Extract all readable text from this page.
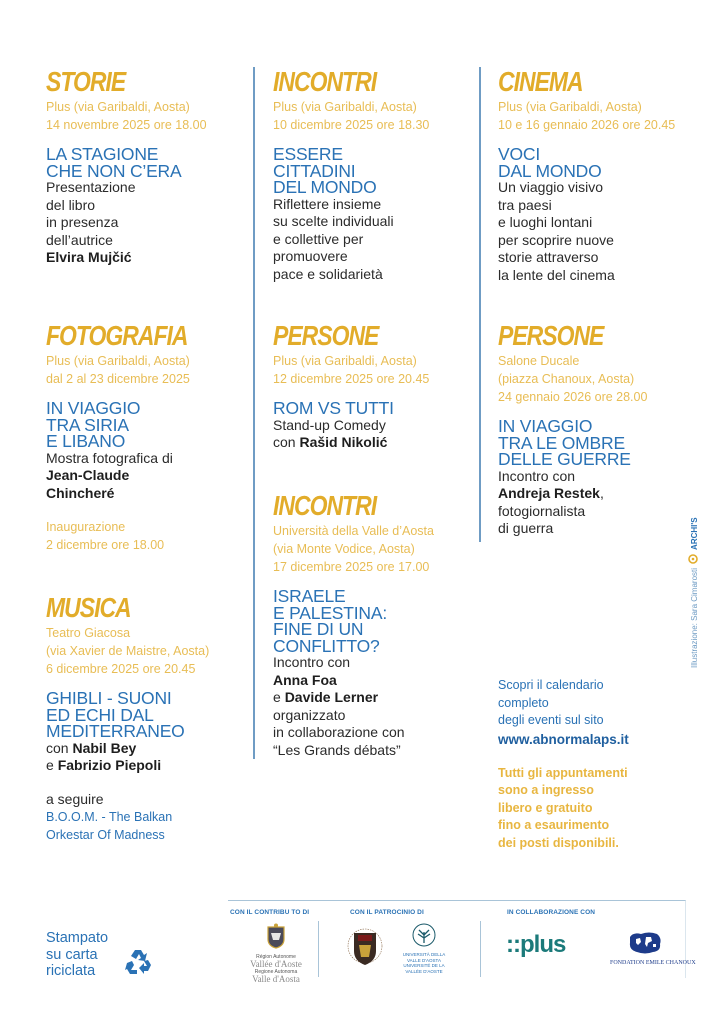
STORIE
Plus (via Garibaldi, Aosta)
14 novembre 2025 ore 18.00
LA STAGIONE
CHE NON C’ERA
Presentazione
del libro
in presenza
dell’autrice
Elvira Mujčić
INCONTRI
Plus (via Garibaldi, Aosta)
10 dicembre 2025 ore 18.30
ESSERE
CITTADINI
DEL MONDO
Riflettere insieme
su scelte individuali
e collettive per
promuovere
pace e solidarietà
CINEMA
Plus (via Garibaldi, Aosta)
10 e 16 gennaio 2026 ore 20.45
VOCI
DAL MONDO
Un viaggio visivo
tra paesi
e luoghi lontani
per scoprire nuove
storie attraverso
la lente del cinema
FOTOGRAFIA
Plus (via Garibaldi, Aosta)
dal 2 al 23 dicembre 2025
IN VIAGGIO
TRA SIRIA
E LIBANO
Mostra fotografica di
Jean-Claude
Chincheré
Inaugurazione
2 dicembre ore 18.00
PERSONE
Plus (via Garibaldi, Aosta)
12 dicembre 2025 ore 20.45
ROM VS TUTTI
Stand-up Comedy
con Rašid Nikolić
PERSONE
Salone Ducale
(piazza Chanoux, Aosta)
24 gennaio 2026 ore 28.00
IN VIAGGIO
TRA LE OMBRE
DELLE GUERRE
Incontro con
Andreja Restek,
fotogiornalista
di guerra
INCONTRI
Università della Valle d’Aosta
(via Monte Vodice, Aosta)
17 dicembre 2025 ore 17.00
ISRAELE
E PALESTINA:
FINE DI UN
CONFLITTO?
Incontro con
Anna Foa
e Davide Lerner
organizzato
in collaborazione con
“Les Grands débats”
MUSICA
Teatro Giacosa
(via Xavier de Maistre, Aosta)
6 dicembre 2025 ore 20.45
GHIBLI - SUONI
ED ECHI DAL
MEDITERRANEO
con Nabil Bey
e Fabrizio Piepoli
a seguire
B.O.O.M. - The Balkan
Orkestar Of Madness
Scopri il calendario
completo
degli eventi sul sito
www.abnormalaps.it
Tutti gli appuntamenti
sono a ingresso
libero e gratuito
fino a esaurimento
dei posti disponibili.
Illustrazione: Sara Cimarosti
ARCHI'S
Stampato
su carta
riciclata
CON IL CONTRIBU TO DI
Région Autonome
Vallée d'Aoste
Regione Autonoma
Valle d'Aosta
CON IL PATROCINIO DI
UNIVERSITÀ DELLA
VALLE D'AOSTA
UNIVERSITÉ DE LA
VALLÉE D'AOSTE
IN COLLABORAZIONE CON
::plus
FONDATION EMILE CHANOUX
